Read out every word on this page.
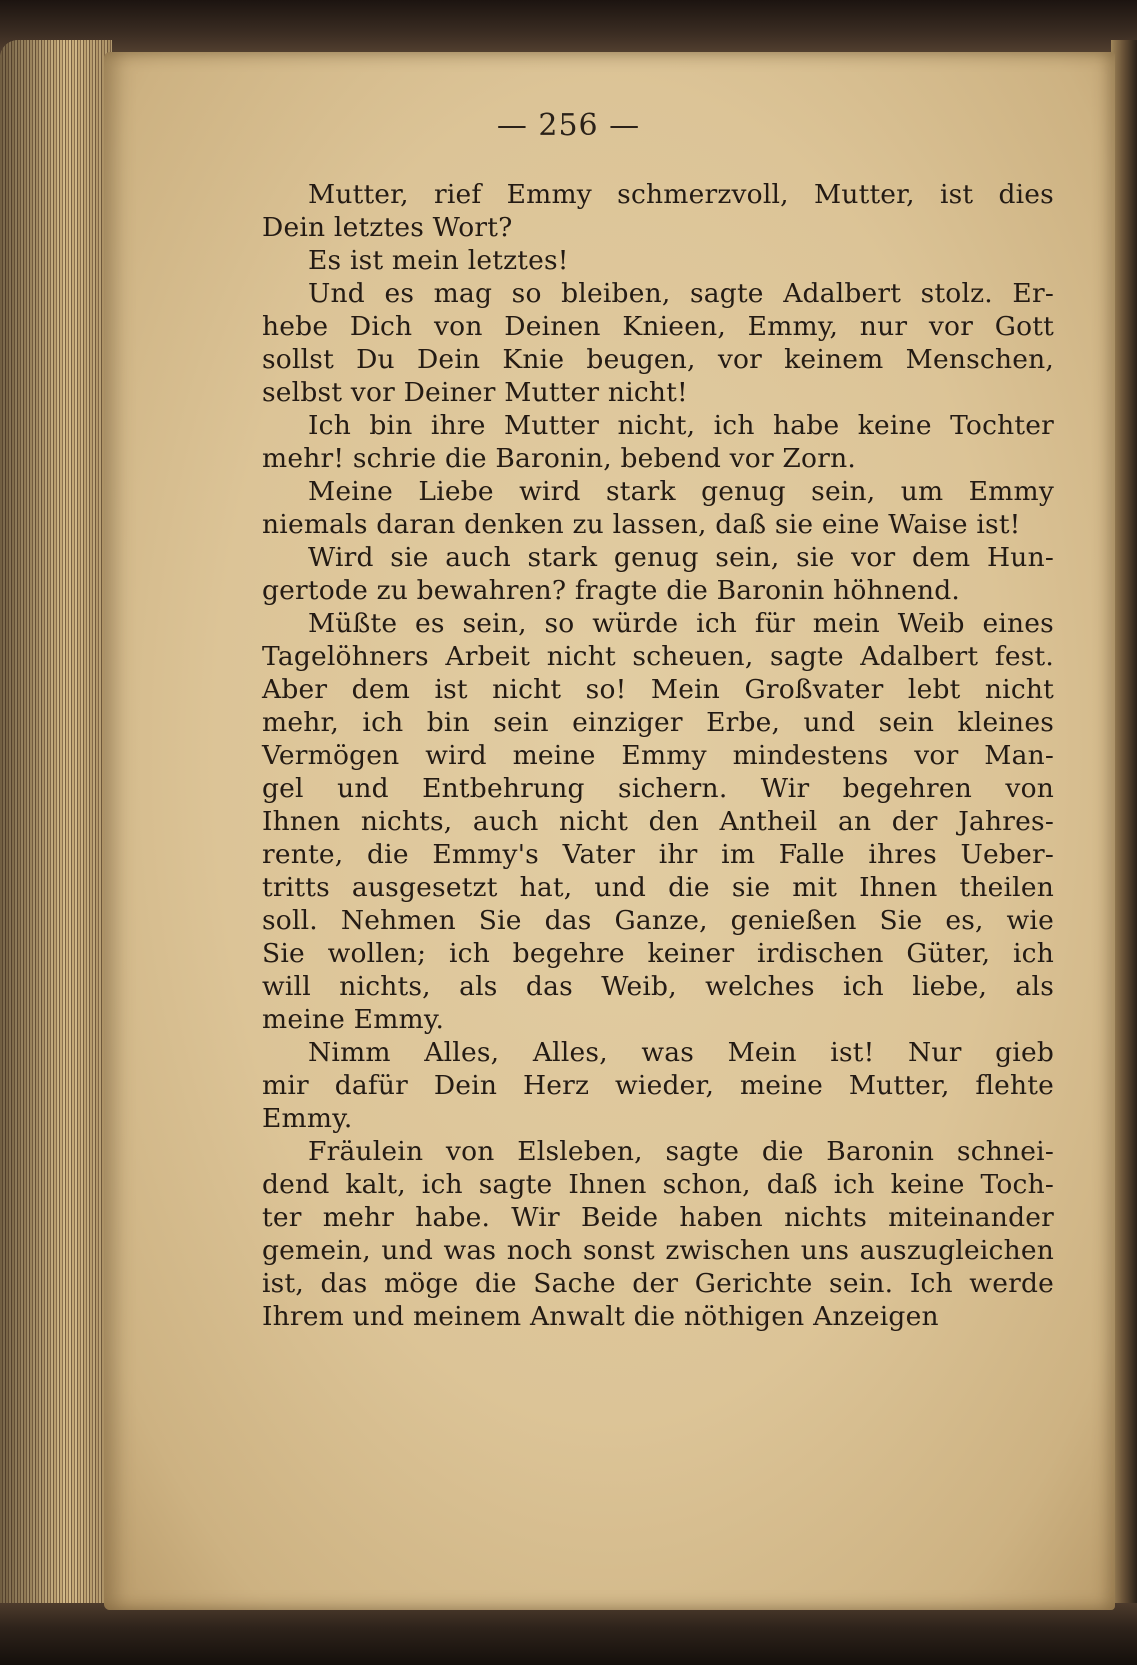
— 256 —
Mutter, rief Emmy schmerzvoll, Mutter, ist dies
Dein letztes Wort?
Es ist mein letztes!
Und es mag so bleiben, sagte Adalbert stolz. Er-
hebe Dich von Deinen Knieen, Emmy, nur vor Gott
sollst Du Dein Knie beugen, vor keinem Menschen,
selbst vor Deiner Mutter nicht!
Ich bin ihre Mutter nicht, ich habe keine Tochter
mehr! schrie die Baronin, bebend vor Zorn.
Meine Liebe wird stark genug sein, um Emmy
niemals daran denken zu lassen, daß sie eine Waise ist!
Wird sie auch stark genug sein, sie vor dem Hun-
gertode zu bewahren? fragte die Baronin höhnend.
Müßte es sein, so würde ich für mein Weib eines
Tagelöhners Arbeit nicht scheuen, sagte Adalbert fest.
Aber dem ist nicht so! Mein Großvater lebt nicht
mehr, ich bin sein einziger Erbe, und sein kleines
Vermögen wird meine Emmy mindestens vor Man-
gel und Entbehrung sichern. Wir begehren von
Ihnen nichts, auch nicht den Antheil an der Jahres-
rente, die Emmy's Vater ihr im Falle ihres Ueber-
tritts ausgesetzt hat, und die sie mit Ihnen theilen
soll. Nehmen Sie das Ganze, genießen Sie es, wie
Sie wollen; ich begehre keiner irdischen Güter, ich
will nichts, als das Weib, welches ich liebe, als
meine Emmy.
Nimm Alles, Alles, was Mein ist! Nur gieb
mir dafür Dein Herz wieder, meine Mutter, flehte
Emmy.
Fräulein von Elsleben, sagte die Baronin schnei-
dend kalt, ich sagte Ihnen schon, daß ich keine Toch-
ter mehr habe. Wir Beide haben nichts miteinander
gemein, und was noch sonst zwischen uns auszugleichen
ist, das möge die Sache der Gerichte sein. Ich werde
Ihrem und meinem Anwalt die nöthigen Anzeigen
